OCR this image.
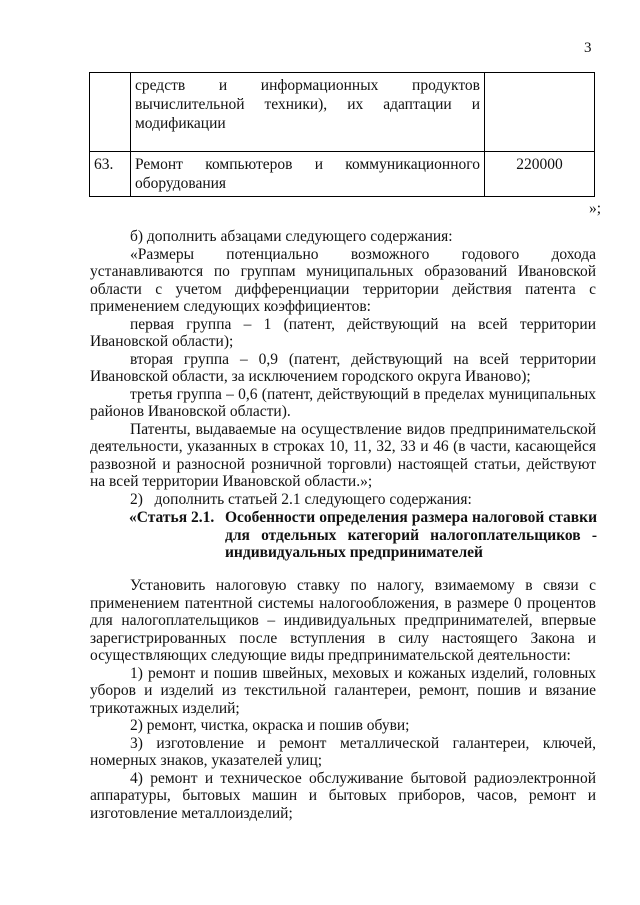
3

	средств и информационных продуктов
вычислительной техники), их адаптации и
модификации	

63.	Ремонт компьютеров и коммуникационного
оборудования	220000
»;

б) дополнить абзацами следующего содержания:

«Размеры потенциально возможного годового дохода устанавливаются по группам муниципальных образований Ивановской области с учетом дифференциации территории действия патента с применением следующих коэффициентов:

первая группа – 1 (патент, действующий на всей территории Ивановской области);

вторая группа – 0,9 (патент, действующий на всей территории Ивановской области, за исключением городского округа Иваново);

третья группа – 0,6 (патент, действующий в пределах муниципальных районов Ивановской области).

Патенты, выдаваемые на осуществление видов предпринимательской деятельности, указанных в строках 10, 11, 32, 33 и 46 (в части, касающейся развозной и разносной розничной торговли) настоящей статьи, действуют на всей территории Ивановской области.»;

2)   дополнить статьей 2.1 следующего содержания:

«Статья 2.1. Особенности определения размера налоговой ставки для отдельных категорий налогоплательщиков - индивидуальных предпринимателей

Установить налоговую ставку по налогу, взимаемому в связи с применением патентной системы налогообложения, в размере 0 процентов для налогоплательщиков – индивидуальных предпринимателей, впервые зарегистрированных после вступления в силу настоящего Закона и осуществляющих следующие виды предпринимательской деятельности:

1) ремонт и пошив швейных, меховых и кожаных изделий, головных уборов и изделий из текстильной галантереи, ремонт, пошив и вязание трикотажных изделий;

2) ремонт, чистка, окраска и пошив обуви;

3) изготовление и ремонт металлической галантереи, ключей, номерных знаков, указателей улиц;

4) ремонт и техническое обслуживание бытовой радиоэлектронной аппаратуры, бытовых машин и бытовых приборов, часов, ремонт и изготовление металлоизделий;
